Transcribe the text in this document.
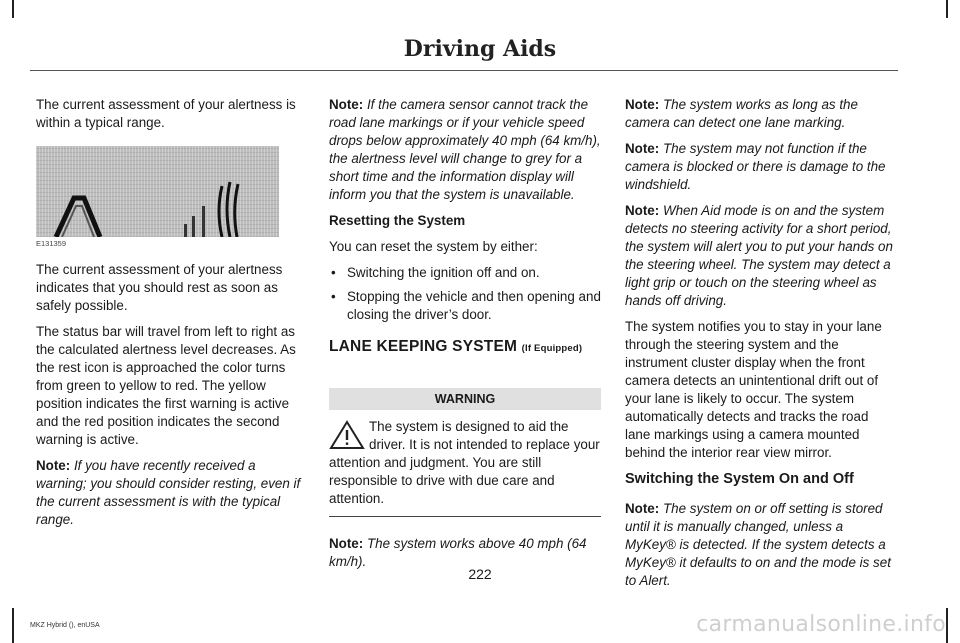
Driving Aids

The current assessment of your alertness is within a typical range.

E131359

The current assessment of your alertness indicates that you should rest as soon as safely possible.

The status bar will travel from left to right as the calculated alertness level decreases. As the rest icon is approached the color turns from green to yellow to red. The yellow position indicates the first warning is active and the red position indicates the second warning is active.

Note: If you have recently received a warning; you should consider resting, even if the current assessment is with the typical range.

Note: If the camera sensor cannot track the road lane markings or if your vehicle speed drops below approximately 40 mph (64 km/h), the alertness level will change to grey for a short time and the information display will inform you that the system is unavailable.

Resetting the System

You can reset the system by either:

• Switching the ignition off and on.
• Stopping the vehicle and then opening and closing the driver’s door.
LANE KEEPING SYSTEM (If Equipped)
WARNING
The system is designed to aid the driver. It is not intended to replace your attention and judgment. You are still responsible to drive with due care and attention.

Note: The system works above 40 mph (64 km/h).

Note: The system works as long as the camera can detect one lane marking.

Note: The system may not function if the camera is blocked or there is damage to the windshield.

Note: When Aid mode is on and the system detects no steering activity for a short period, the system will alert you to put your hands on the steering wheel. The system may detect a light grip or touch on the steering wheel as hands off driving.

The system notifies you to stay in your lane through the steering system and the instrument cluster display when the front camera detects an unintentional drift out of your lane is likely to occur. The system automatically detects and tracks the road lane markings using a camera mounted behind the interior rear view mirror.

Switching the System On and Off

Note: The system on or off setting is stored until it is manually changed, unless a MyKey® is detected. If the system detects a MyKey® it defaults to on and the mode is set to Alert.

222
MKZ Hybrid (), enUSA	carmanualsonline.info
